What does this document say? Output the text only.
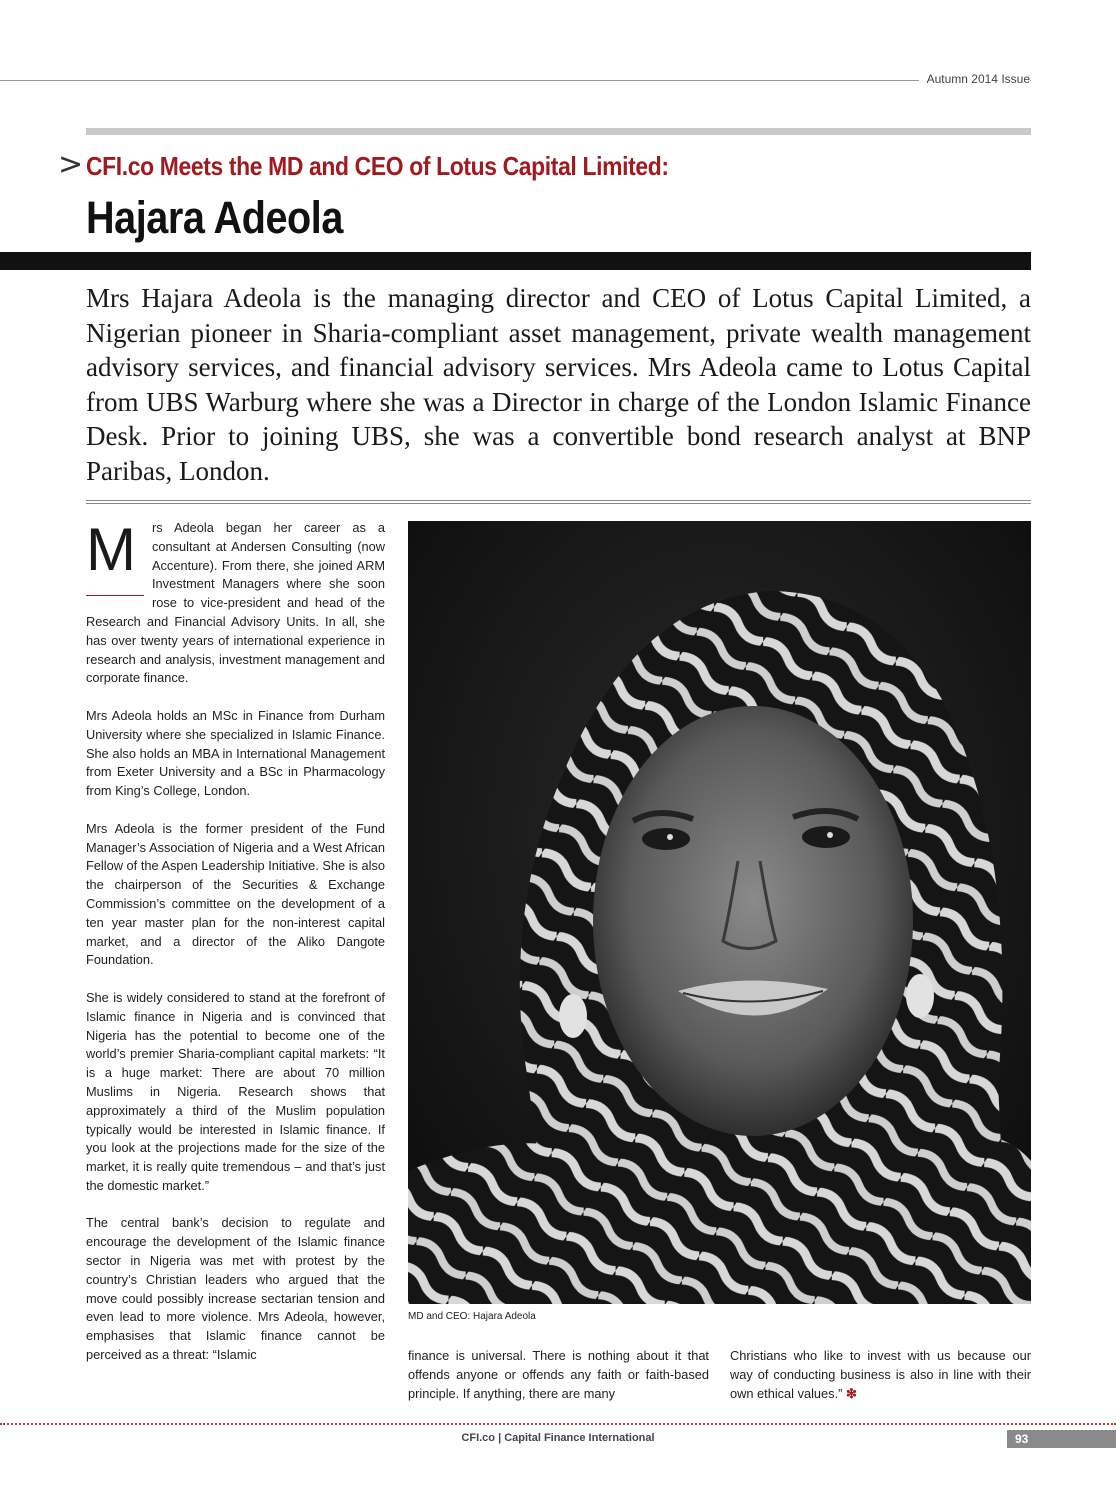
Autumn 2014 Issue
> CFI.co Meets the MD and CEO of Lotus Capital Limited:
Hajara Adeola

Mrs Hajara Adeola is the managing director and CEO of Lotus Capital Limited, a Nigerian pioneer in Sharia-compliant asset management, private wealth management advisory services, and financial advisory services. Mrs Adeola came to Lotus Capital from UBS Warburg where she was a Director in charge of the London Islamic Finance Desk. Prior to joining UBS, she was a convertible bond research analyst at BNP Paribas, London.

M	rs Adeola began her career as a consultant at Andersen Consulting (now Accenture). From there, she joined ARM Investment Managers where she soon rose to vice-president and head of the Research and Financial Advisory Units. In all, she has over twenty years of international experience in research and analysis, investment management and corporate finance.

Mrs Adeola holds an MSc in Finance from Durham University where she specialized in Islamic Finance. She also holds an MBA in International Management from Exeter University and a BSc in Pharmacology from King’s College, London.

Mrs Adeola is the former president of the Fund Manager’s Association of Nigeria and a West African Fellow of the Aspen Leadership Initiative. She is also the chairperson of the Securities & Exchange Commission’s committee on the development of a ten year master plan for the non-interest capital market, and a director of the Aliko Dangote Foundation.

She is widely considered to stand at the forefront of Islamic finance in Nigeria and is convinced that Nigeria has the potential to become one of the world’s premier Sharia-compliant capital markets: “It is a huge market: There are about 70 million Muslims in Nigeria. Research shows that approximately a third of the Muslim population typically would be interested in Islamic finance. If you look at the projections made for the size of the market, it is really quite tremendous – and that’s just the domestic market.”

The central bank’s decision to regulate and encourage the development of the Islamic finance sector in Nigeria was met with protest by the country’s Christian leaders who argued that the move could possibly increase sectarian tension and even lead to more violence. Mrs Adeola, however, emphasises that Islamic finance cannot be perceived as a threat: “Islamic

MD and CEO: Hajara Adeola

finance is universal. There is nothing about it that offends anyone or offends any faith or faith-based principle. If anything, there are many

Christians who like to invest with us because our way of conducting business is also in line with their own ethical values.” ❇

CFI.co | Capital Finance International	93
